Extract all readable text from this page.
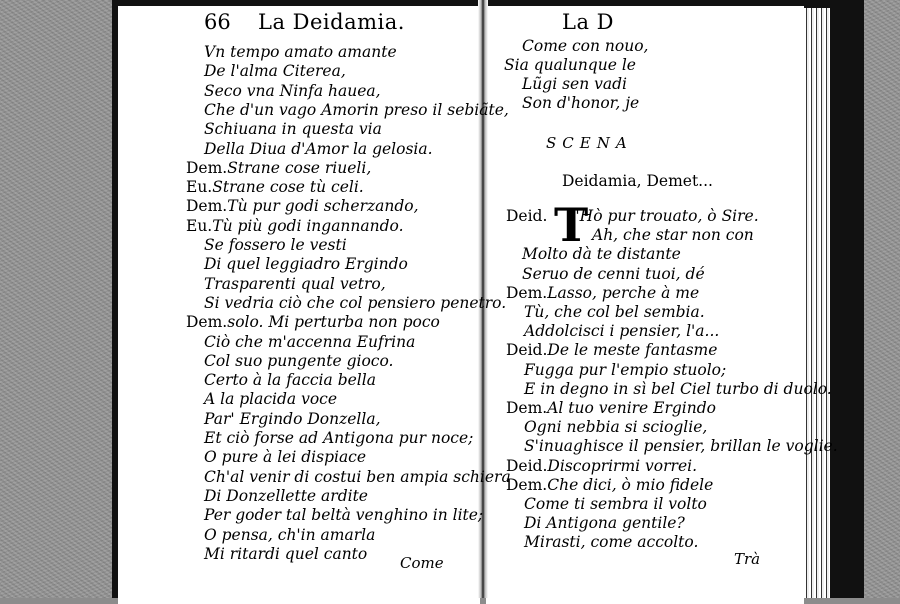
66 La Deidamia.	La D
Vn tempo amato amante
De l'alma Citerea,
Seco vna Ninfa hauea,
Che d'un vago Amorin preso il sebiãte,
Schiuana in questa via
Della Diua d'Amor la gelosia.
Dem.Strane cose riueli,
Eu.Strane cose tù celi.
Dem.Tù pur godi scherzando,
Eu.Tù più godi ingannando.
Se fossero le vesti
Di quel leggiadro Ergindo
Trasparenti qual vetro,
Si vedria ciò che col pensiero penetro.
Dem.solo. Mi perturba non poco
Ciò che m'accenna Eufrina
Col suo pungente gioco.
Certo à la faccia bella
A la placida voce
Par' Ergindo Donzella,
Et ciò forse ad Antigona pur noce;
O pure à lei dispiace
Ch'al venir di costui ben ampia schiera
Di Donzellette ardite
Per goder tal beltà venghino in lite;
O pensa, ch'in amarla
Mi ritardi quel canto
Come
Come con nouo,
Sia qualunque le
Lũgi sen vadi
Son d'honor, je
SCENA
Deidamia, Demet...
T
Deid. 'Hò pur trouato, ò Sire.
Ah, che star non con
Molto dà te distante
Seruo de cenni tuoi, dé
Dem.Lasso, perche à me
Tù, che col bel sembia.
Addolcisci i pensier, l'a...
Deid.De le meste fantasme
Fugga pur l'empio stuolo;
E in degno in sì bel Ciel turbo di duolo.
Dem.Al tuo venire Ergindo
Ogni nebbia si scioglie,
S'inuaghisce il pensier, brillan le voglie.
Deid.Discoprirmi vorrei.
Dem.Che dici, ò mio fidele
Come ti sembra il volto
Di Antigona gentile?
Mirasti, come accolto.
Trà
